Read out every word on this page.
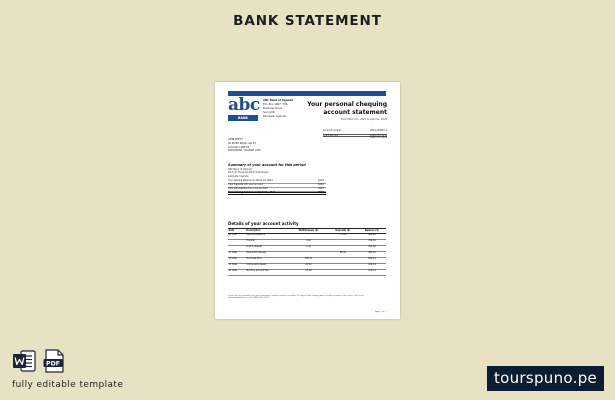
BANK STATEMENT
abc
BANK
ABC Bank of Uganda
P.O. Box 1927, 786
Business Drive
Sunnyhill
Kampala, Uganda
Your personal chequing
account statement
From March 01, 2021 to April 01, 2021
Account number:	000-1234567-1
Client service	1-800-555-1234
1-800-555-1234
JOHN SMITH
40 RIVER ROAD, apt 10
LUGOGO LANE P2
KATURAKAR, UGANDA 1807
Summary of your account for this period
ABC Bank of Uganda
40 E, 97 Buganda Bikini Kyambogo
Kampala, Uganda
Your opening balance on March 01, 2021	$XXX
Total deposits into your account	$XXX
Total withdrawals from your account	$XXX
Your closing balance on April 01, 2021	$XXX
Details of your account activity
Date	Description	Withdrawals ($)	Deposits ($)	Balance ($)
01 MAR	Opening balance		1.1.40	400.00
	Transfer	4.00		794.00
	Online deposit	1.00		300.40
07 MAR	Overdraft interest		99.00	580.20
08 MAR	Purchase ATM	180.11		200.11
15 MAR	E-Wire withdrawal	45.22		180.14
21 MAR	Monthly account fee	25.00		120.11
If you see any mistakes on your statement, please contact us within 30 days of the closing date to help us correct the errors. Visit us at www.abcbank.ug or call 1-800-555-1234.
Page 1 of 1
PDF
fully editable template	tourspuno.pe
